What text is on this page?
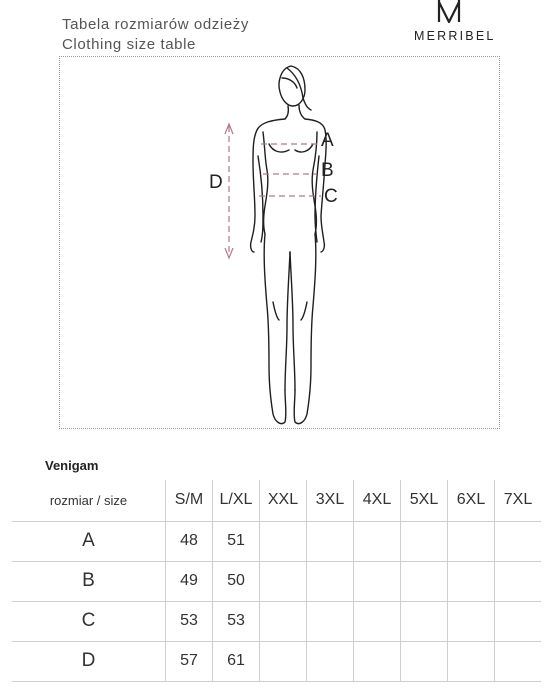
Tabela rozmiarów odzieży
Clothing size table	MERRIBEL
A
B
C
D
Venigam
rozmiar / size	S/M	L/XL	XXL	3XL	4XL	5XL	6XL	7XL
A	48	51						
B	49	50						
C	53	53						
D	57	61						
